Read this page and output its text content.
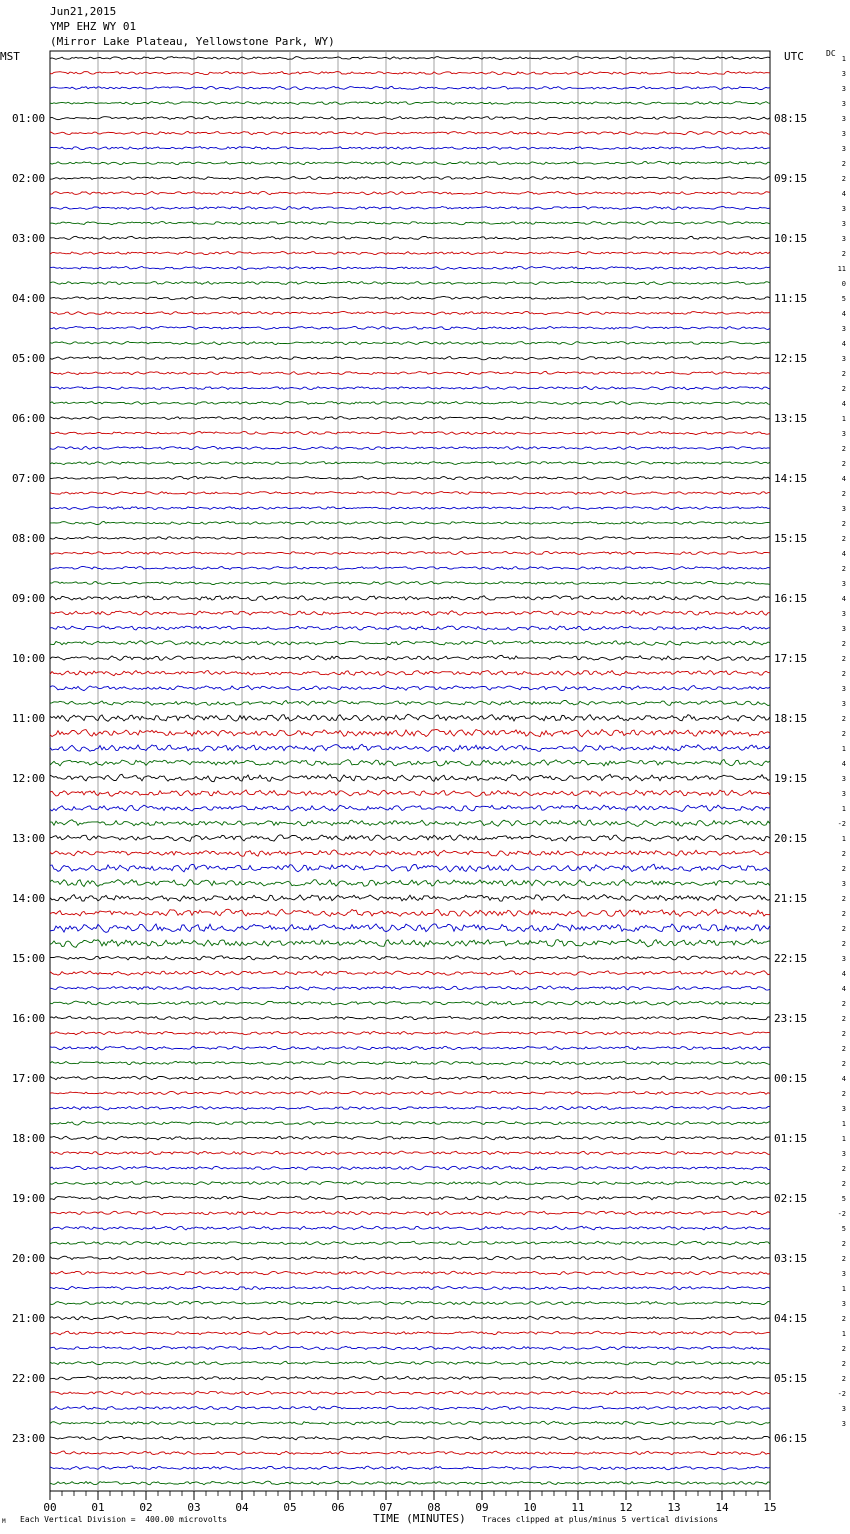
Jun21,2015
YMP EHZ WY 01
(Mirror Lake Plateau, Yellowstone Park, WY)
MST	UTC	DC
01:00
02:00
03:00
04:00
05:00
06:00
07:00
08:00
09:00
10:00
11:00
12:00
13:00
14:00
15:00
16:00
17:00
18:00
19:00
20:00
21:00
22:00
23:00
08:15
09:15
10:15
11:15
12:15
13:15
14:15
15:15
16:15
17:15
18:15
19:15
20:15
21:15
22:15
23:15
00:15
01:15
02:15
03:15
04:15
05:15
06:15
1
3
3
3
3
3
3
2
2
4
3
3
3
2
11
0
5
4
3
4
3
2
2
4
1
3
2
2
4
2
3
2
2
4
2
3
4
3
3
2
2
2
3
3
2
2
1
4
3
3
1
-2
1
2
2
3
2
2
2
2
3
4
4
2
2
2
2
2
4
2
3
1
1
3
2
2
5
-2
5
2
2
3
1
3
2
1
2
2
2
-2
3
3
00	01	02	03	04	05	06	07	08	09	10	11	12	13	14	15
M Each Vertical Division =  400.00 microvolts	TIME (MINUTES) Traces clipped at plus/minus 5 vertical divisions
